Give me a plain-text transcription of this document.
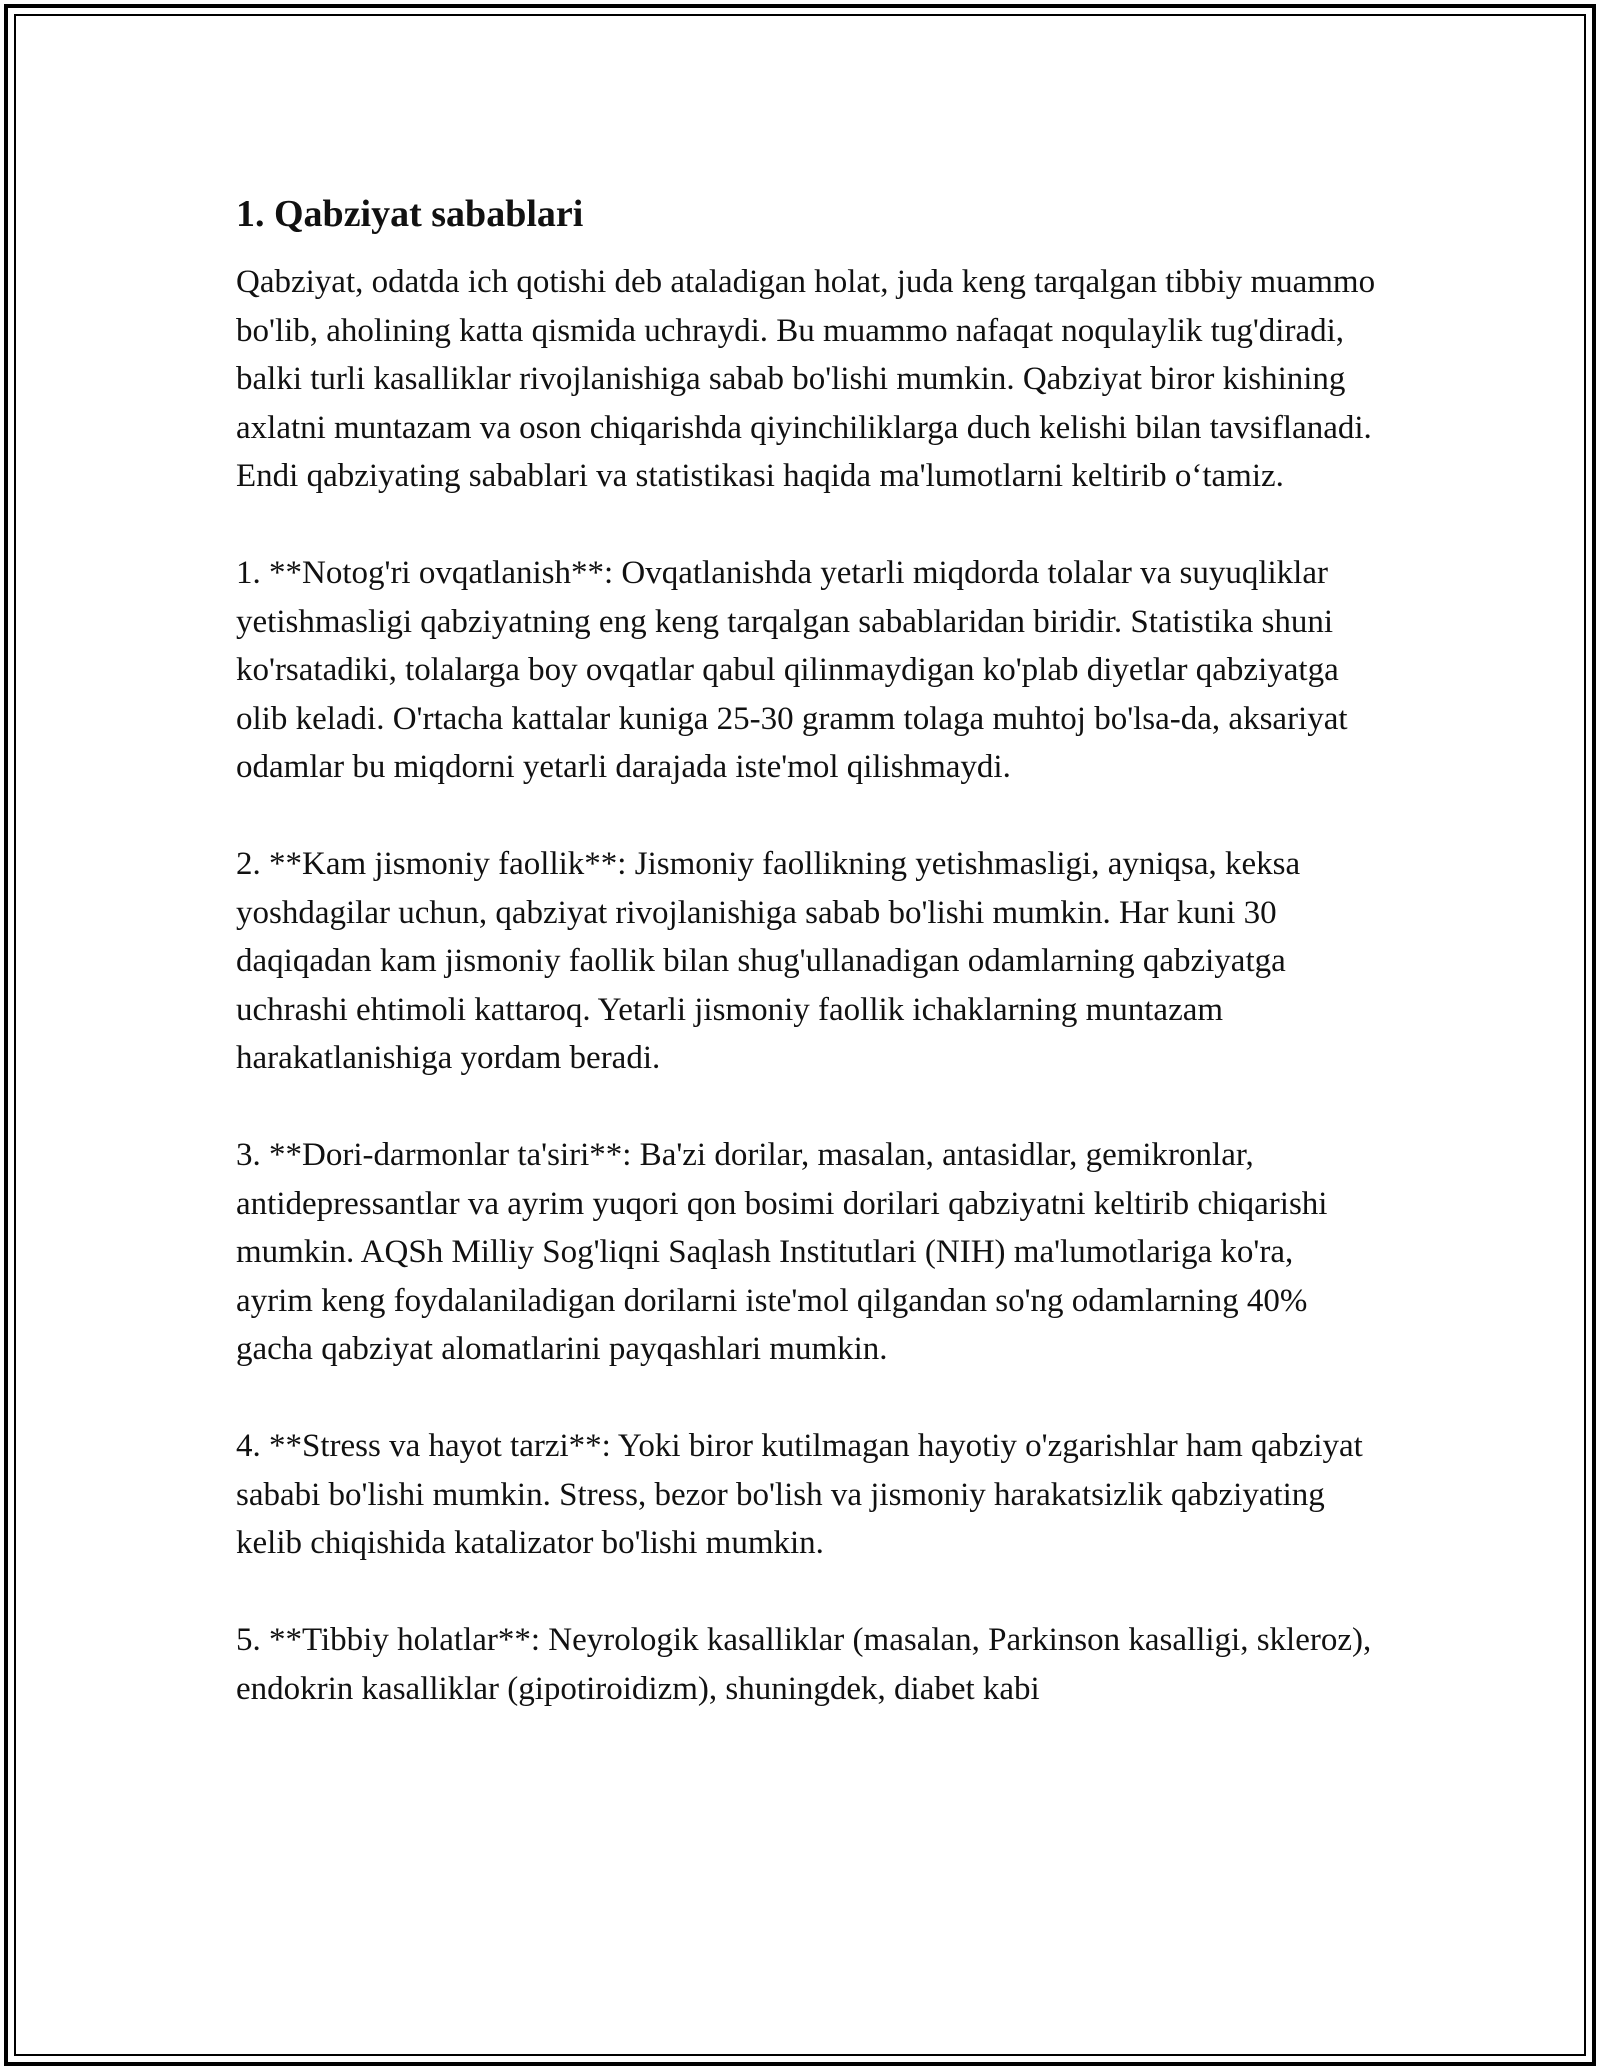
1. Qabziyat sabablari

Qabziyat, odatda ich qotishi deb ataladigan holat, juda keng tarqalgan tibbiy muammo bo'lib, aholining katta qismida uchraydi. Bu muammo nafaqat noqulaylik tug'diradi, balki turli kasalliklar rivojlanishiga sabab bo'lishi mumkin. Qabziyat biror kishining axlatni muntazam va oson chiqarishda qiyinchiliklarga duch kelishi bilan tavsiflanadi. Endi qabziyating sabablari va statistikasi haqida ma'lumotlarni keltirib o‘tamiz.

1. **Notog'ri ovqatlanish**: Ovqatlanishda yetarli miqdorda tolalar va suyuqliklar yetishmasligi qabziyatning eng keng tarqalgan sabablaridan biridir. Statistika shuni ko'rsatadiki, tolalarga boy ovqatlar qabul qilinmaydigan ko'plab diyetlar qabziyatga olib keladi. O'rtacha kattalar kuniga 25-30 gramm tolaga muhtoj bo'lsa-da, aksariyat odamlar bu miqdorni yetarli darajada iste'mol qilishmaydi.

2. **Kam jismoniy faollik**: Jismoniy faollikning yetishmasligi, ayniqsa, keksa yoshdagilar uchun, qabziyat rivojlanishiga sabab bo'lishi mumkin. Har kuni 30 daqiqadan kam jismoniy faollik bilan shug'ullanadigan odamlarning qabziyatga uchrashi ehtimoli kattaroq. Yetarli jismoniy faollik ichaklarning muntazam harakatlanishiga yordam beradi.

3. **Dori-darmonlar ta'siri**: Ba'zi dorilar, masalan, antasidlar, gemikronlar, antidepressantlar va ayrim yuqori qon bosimi dorilari qabziyatni keltirib chiqarishi mumkin. AQSh Milliy Sog'liqni Saqlash Institutlari (NIH) ma'lumotlariga ko'ra, ayrim keng foydalaniladigan dorilarni iste'mol qilgandan so'ng odamlarning 40% gacha qabziyat alomatlarini payqashlari mumkin.

4. **Stress va hayot tarzi**: Yoki biror kutilmagan hayotiy o'zgarishlar ham qabziyat sababi bo'lishi mumkin. Stress, bezor bo'lish va jismoniy harakatsizlik qabziyating kelib chiqishida katalizator bo'lishi mumkin.

5. **Tibbiy holatlar**: Neyrologik kasalliklar (masalan, Parkinson kasalligi, skleroz), endokrin kasalliklar (gipotiroidizm), shuningdek, diabet kabi
